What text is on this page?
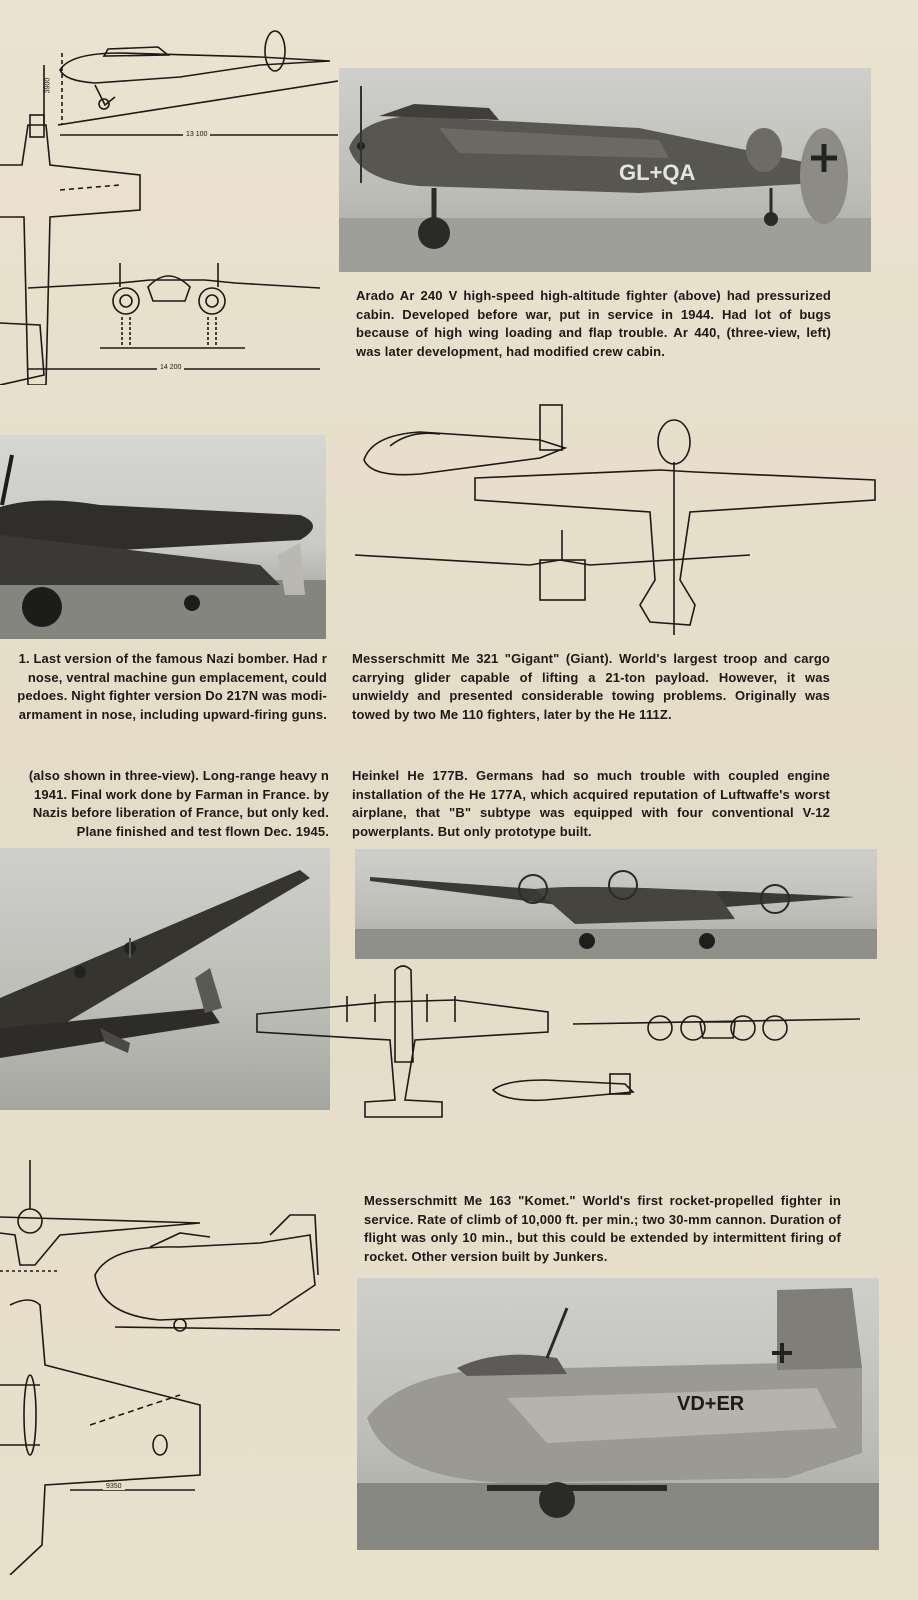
3900
13 100
14 200
GL+QA

Arado Ar 240 V high-speed high-altitude fighter (above) had pressurized cabin. Developed before war, put in service in 1944. Had lot of bugs because of high wing loading and flap trouble. Ar 440, (three-view, left) was later development, had modified crew cabin.

1. Last version of the famous Nazi bomber. Had r nose, ventral machine gun emplacement, could pedoes. Night fighter version Do 217N was modi- armament in nose, including upward-firing guns.

Messerschmitt Me 321 "Gigant" (Giant). World's largest troop and cargo carrying glider capable of lifting a 21-ton payload. However, it was unwieldy and presented considerable towing problems. Originally was towed by two Me 110 fighters, later by the He 111Z.

(also shown in three-view). Long-range heavy n 1941. Final work done by Farman in France. by Nazis before liberation of France, but only ked. Plane finished and test flown Dec. 1945.

Heinkel He 177B. Germans had so much trouble with coupled engine installation of the He 177A, which acquired reputation of Luftwaffe's worst airplane, that "B" subtype was equipped with four conventional V-12 powerplants. But only prototype built.

9350

Messerschmitt Me 163 "Komet." World's first rocket-propelled fighter in service. Rate of climb of 10,000 ft. per min.; two 30-mm cannon. Duration of flight was only 10 min., but this could be extended by intermittent firing of rocket. Other version built by Junkers.

VD+ER
